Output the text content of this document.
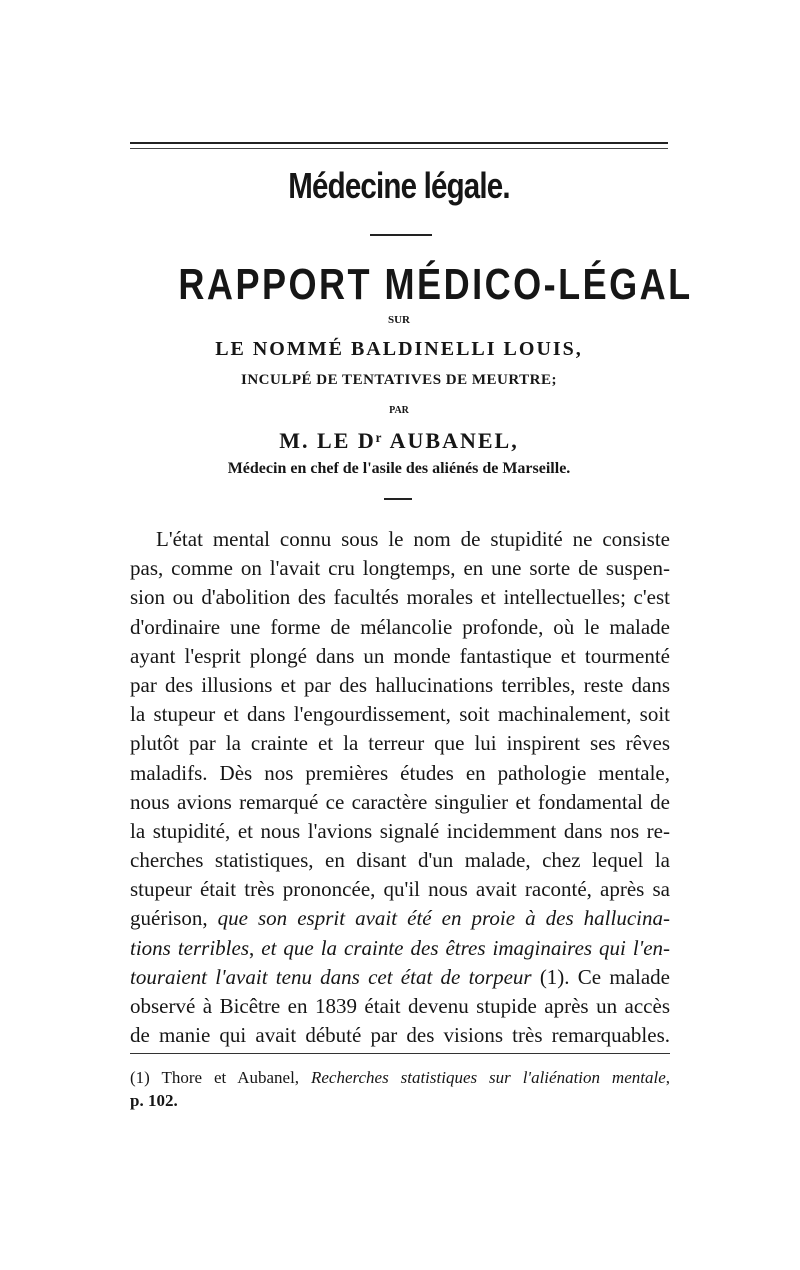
Médecine légale.
RAPPORT MÉDICO-LÉGAL
SUR
LE NOMMÉ BALDINELLI LOUIS,
INCULPÉ DE TENTATIVES DE MEURTRE;
PAR
M. LE Dʳ AUBANEL,
Médecin en chef de l'asile des aliénés de Marseille.
L'état mental connu sous le nom de stupidité ne consiste
pas, comme on l'avait cru longtemps, en une sorte de suspen-
sion ou d'abolition des facultés morales et intellectuelles; c'est
d'ordinaire une forme de mélancolie profonde, où le malade
ayant l'esprit plongé dans un monde fantastique et tourmenté
par des illusions et par des hallucinations terribles, reste dans
la stupeur et dans l'engourdissement, soit machinalement, soit
plutôt par la crainte et la terreur que lui inspirent ses rêves
maladifs. Dès nos premières études en pathologie mentale,
nous avions remarqué ce caractère singulier et fondamental de
la stupidité, et nous l'avions signalé incidemment dans nos re-
cherches statistiques, en disant d'un malade, chez lequel la
stupeur était très prononcée, qu'il nous avait raconté, après sa
guérison, que son esprit avait été en proie à des hallucina-
tions terribles, et que la crainte des êtres imaginaires qui l'en-
touraient l'avait tenu dans cet état de torpeur (1). Ce malade
observé à Bicêtre en 1839 était devenu stupide après un accès
de manie qui avait débuté par des visions très remarquables.
(1) Thore et Aubanel, Recherches statistiques sur l'aliénation mentale,
p. 102.
